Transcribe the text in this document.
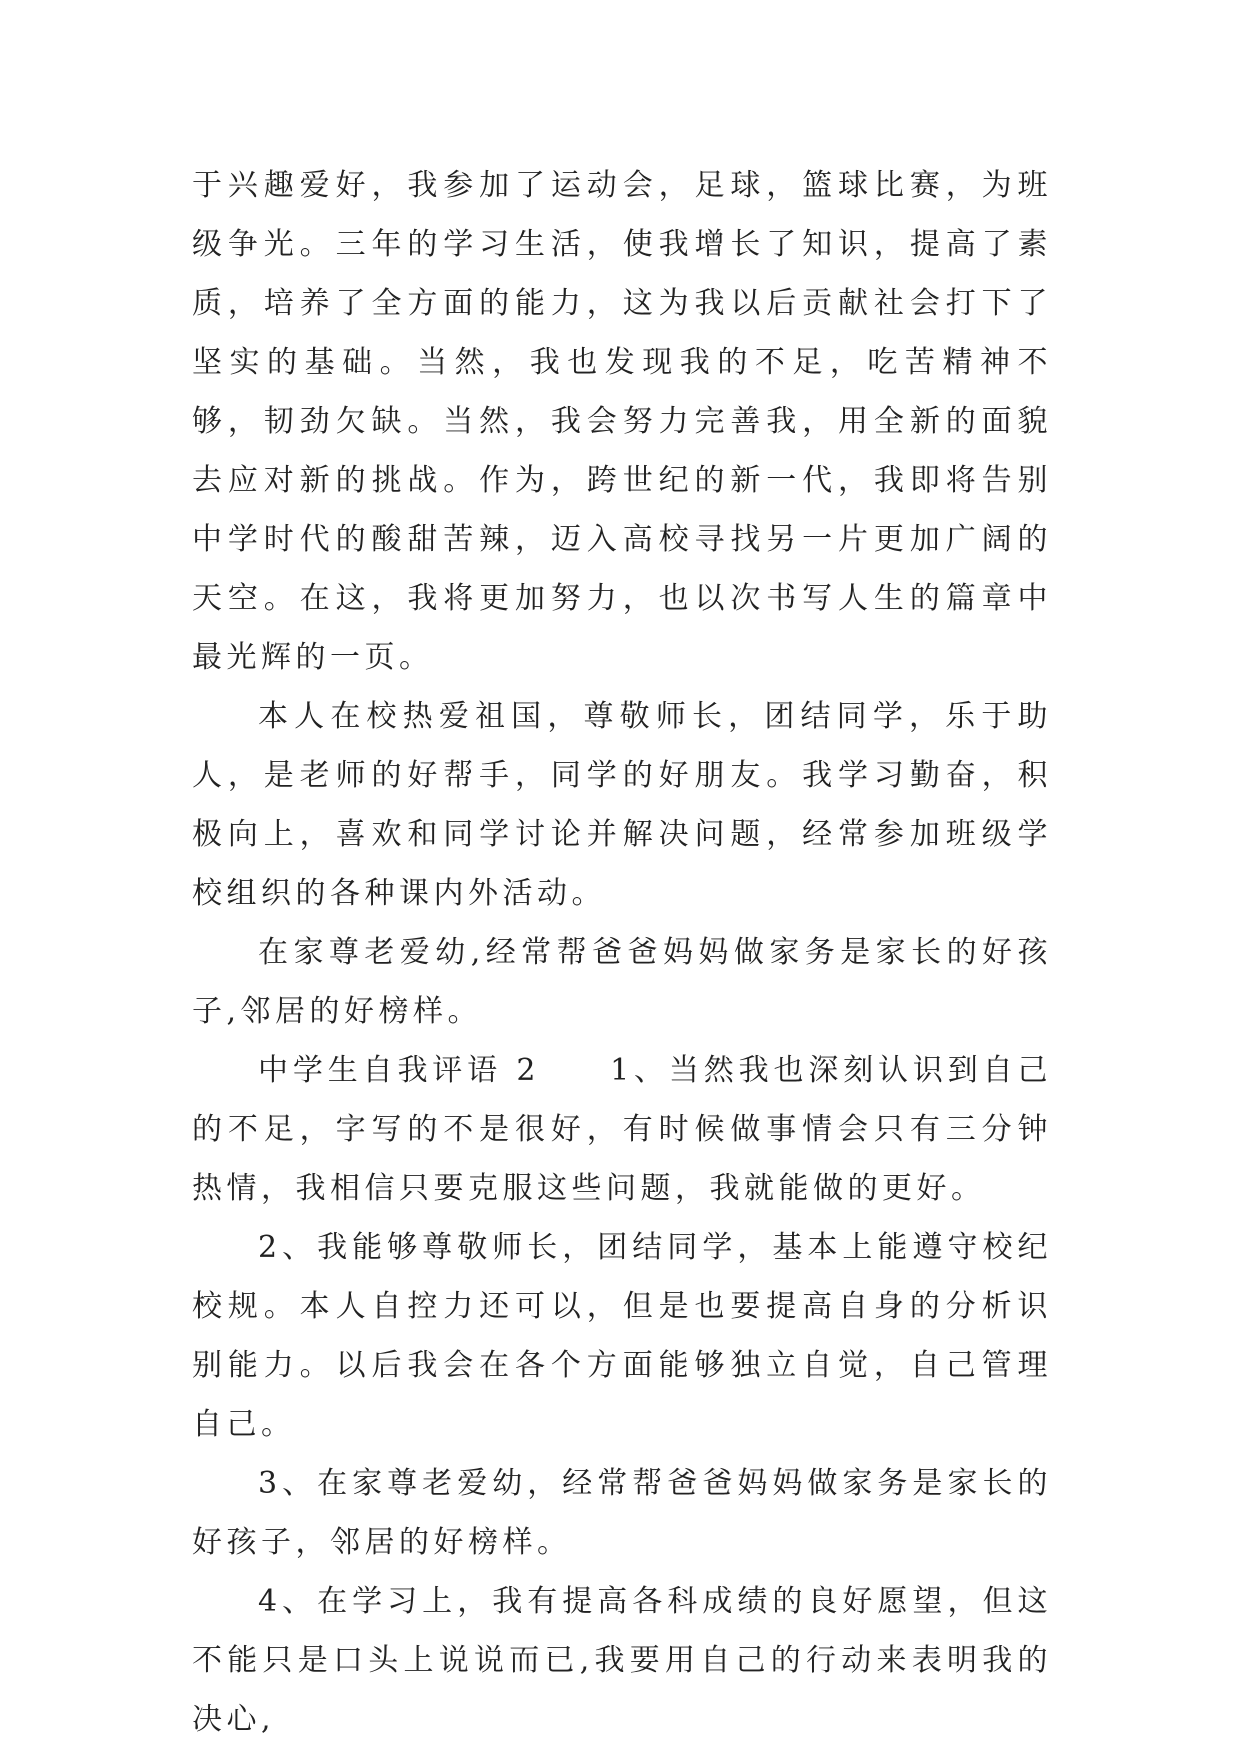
于兴趣爱好，我参加了运动会，足球，篮球比赛，为班级争光。三年的学习生活，使我增长了知识，提高了素质，培养了全方面的能力，这为我以后贡献社会打下了坚实的基础。当然，我也发现我的不足，吃苦精神不够，韧劲欠缺。当然，我会努力完善我，用全新的面貌去应对新的挑战。作为，跨世纪的新一代，我即将告别中学时代的酸甜苦辣，迈入高校寻找另一片更加广阔的天空。在这，我将更加努力，也以次书写人生的篇章中最光辉的一页。

本人在校热爱祖国，尊敬师长，团结同学，乐于助人，是老师的好帮手，同学的好朋友。我学习勤奋，积极向上，喜欢和同学讨论并解决问题，经常参加班级学校组织的各种课内外活动。

在家尊老爱幼,经常帮爸爸妈妈做家务是家长的好孩子,邻居的好榜样。

中学生自我评语 2　　1、当然我也深刻认识到自己的不足，字写的不是很好，有时候做事情会只有三分钟热情，我相信只要克服这些问题，我就能做的更好。

2、我能够尊敬师长，团结同学，基本上能遵守校纪校规。本人自控力还可以，但是也要提高自身的分析识别能力。以后我会在各个方面能够独立自觉，自己管理自己。

3、在家尊老爱幼，经常帮爸爸妈妈做家务是家长的好孩子，邻居的好榜样。

4、在学习上，我有提高各科成绩的良好愿望，但这不能只是口头上说说而已,我要用自己的行动来表明我的决心,
